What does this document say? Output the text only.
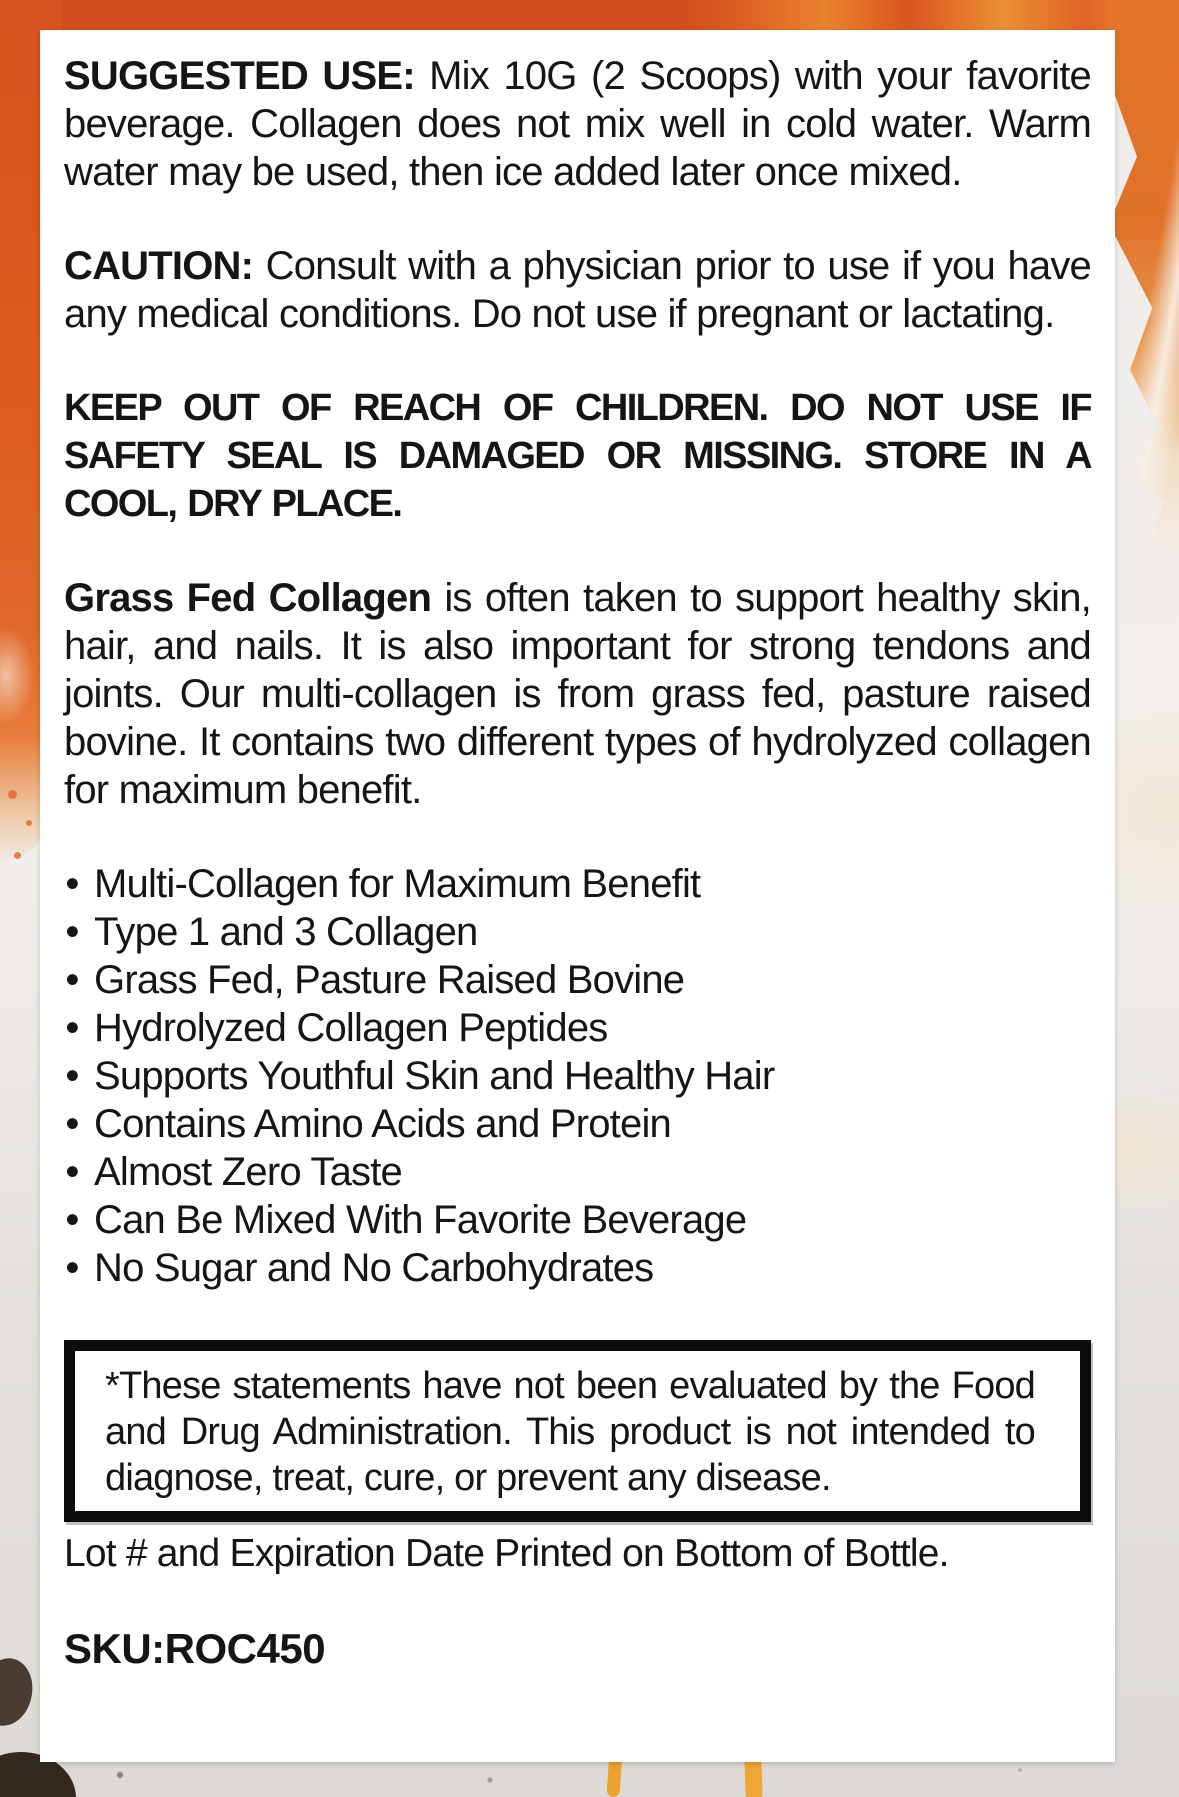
SUGGESTED USE: Mix 10G (2 Scoops) with your favorite beverage. Collagen does not mix well in cold water. Warm water may be used, then ice added later once mixed.

CAUTION: Consult with a physician prior to use if you have any medical conditions. Do not use if pregnant or lactating.

KEEP OUT OF REACH OF CHILDREN. DO NOT USE IF SAFETY SEAL IS DAMAGED OR MISSING. STORE IN A COOL, DRY PLACE.

Grass Fed Collagen is often taken to support healthy skin, hair, and nails. It is also important for strong tendons and joints. Our multi-collagen is from grass fed, pasture raised bovine. It contains two different types of hydrolyzed collagen for maximum benefit.

• Multi-Collagen for Maximum Benefit
• Type 1 and 3 Collagen
• Grass Fed, Pasture Raised Bovine
• Hydrolyzed Collagen Peptides
• Supports Youthful Skin and Healthy Hair
• Contains Amino Acids and Protein
• Almost Zero Taste
• Can Be Mixed With Favorite Beverage
• No Sugar and No Carbohydrates

*These statements have not been evaluated by the Food and Drug Administration. This product is not intended to diagnose, treat, cure, or prevent any disease.

Lot # and Expiration Date Printed on Bottom of Bottle.

SKU:ROC450
